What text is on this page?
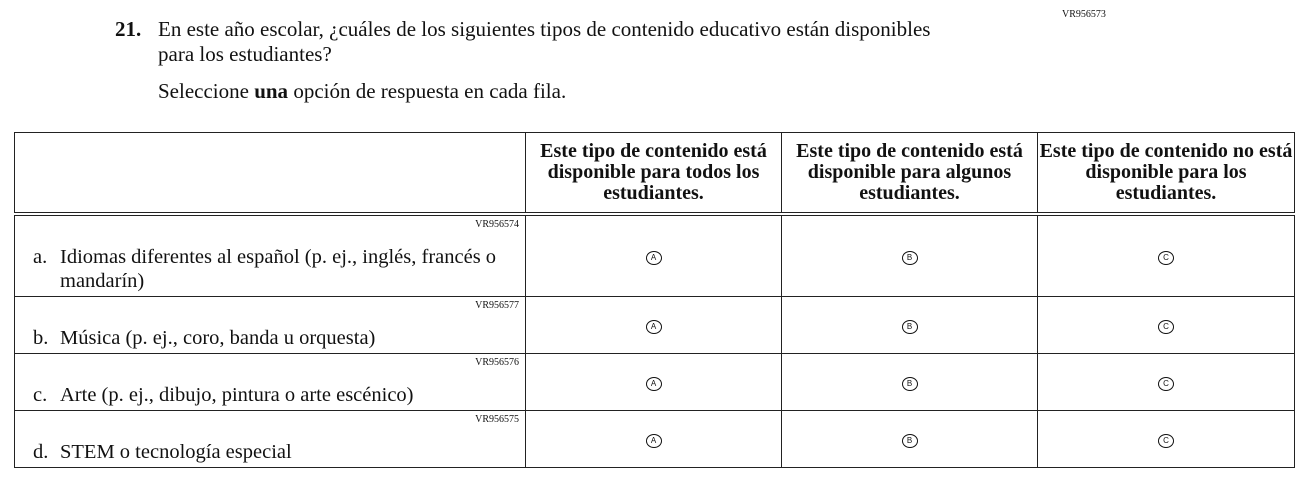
21. En este año escolar, ¿cuáles de los siguientes tipos de contenido educativo están disponibles para los estudiantes?
VR956573
Seleccione una opción de respuesta en cada fila.
	Este tipo de contenido está disponible para todos los estudiantes.	Este tipo de contenido está disponible para algunos estudiantes.	Este tipo de contenido no está disponible para los estudiantes.

VR956574
a. Idiomas diferentes al español (p. ej., inglés, francés o mandarín)	A	B	C

VR956577
b. Música (p. ej., coro, banda u orquesta)	A	B	C

VR956576
c. Arte (p. ej., dibujo, pintura o arte escénico)	A	B	C

VR956575
d. STEM o tecnología especial	A	B	C
